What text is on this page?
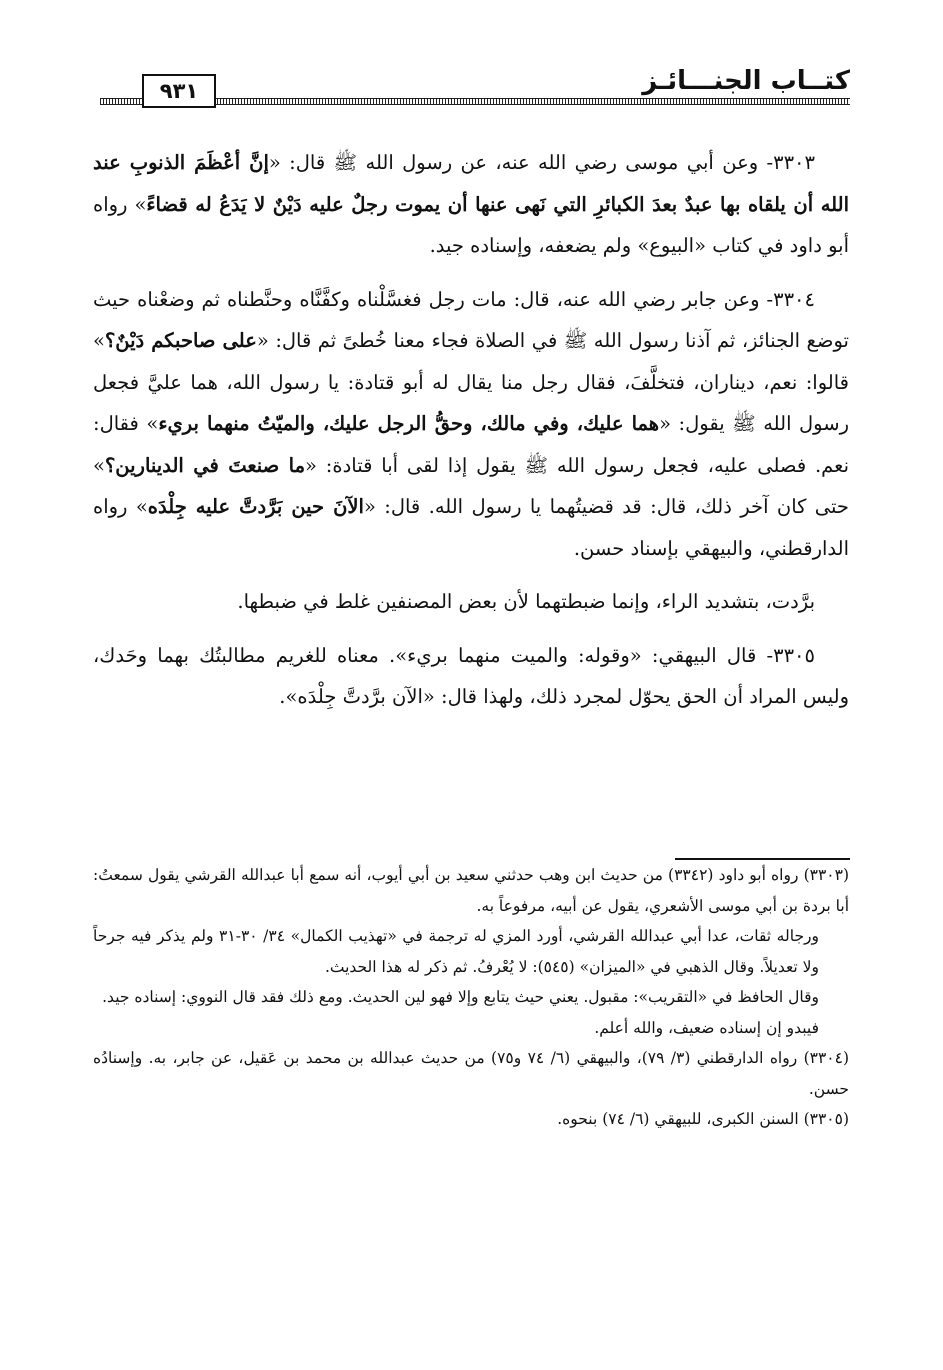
كتــاب الجنـــائـز
٩٣١

٣٣٠٣- وعن أبي موسى رضي الله عنه، عن رسول الله ﷺ قال: «إنَّ أعْظَمَ الذنوبِ عند الله أن يلقاه بها عبدٌ بعدَ الكبائرِ التي نَهى عنها أن يموت رجلٌ عليه دَيْنٌ لا يَدَعُ له قضاءً» رواه أبو داود في كتاب «البيوع» ولم يضعفه، وإسناده جيد.

٣٣٠٤- وعن جابر رضي الله عنه، قال: مات رجل فغسَّلْناه وكفَّنَّاه وحنَّطناه ثم وضعْناه حيث توضع الجنائز، ثم آذنا رسول الله ﷺ في الصلاة فجاء معنا خُطىً ثم قال: «على صاحبكم دَيْنٌ؟» قالوا: نعم، ديناران، فتخلَّفَ، فقال رجل منا يقال له أبو قتادة: يا رسول الله، هما عليَّ فجعل رسول الله ﷺ يقول: «هما عليك، وفي مالك، وحقُّ الرجل عليك، والميّتُ منهما بريء» فقال: نعم. فصلى عليه، فجعل رسول الله ﷺ يقول إذا لقى أبا قتادة: «ما صنعتَ في الدينارين؟» حتى كان آخر ذلك، قال: قد قضيتُهما يا رسول الله. قال: «الآنَ حين بَرَّدتَّ عليه جِلْدَه» رواه الدارقطني، والبيهقي بإسناد حسن.

برَّدت، بتشديد الراء، وإنما ضبطتهما لأن بعض المصنفين غلط في ضبطها.

٣٣٠٥- قال البيهقي: «وقوله: والميت منهما بريء». معناه للغريم مطالبتُك بهما وحَدك، وليس المراد أن الحق يحوّل لمجرد ذلك، ولهذا قال: «الآن برَّدتَّ جِلْدَه».

(٣٣٠٣) رواه أبو داود (٣٣٤٢) من حديث ابن وهب حدثني سعيد بن أبي أيوب، أنه سمع أبا عبدالله القرشي يقول سمعتُ: أبا بردة بن أبي موسى الأشعري، يقول عن أبيه، مرفوعاً به.

ورجاله ثقات، عدا أبي عبدالله القرشي، أورد المزي له ترجمة في «تهذيب الكمال» ٣٤/ ٣٠-٣١ ولم يذكر فيه جرحاً ولا تعديلاً. وقال الذهبي في «الميزان» (٥٤٥): لا يُعْرفُ. ثم ذكر له هذا الحديث.

وقال الحافظ في «التقريب»: مقبول. يعني حيث يتابع وإلا فهو لين الحديث. ومع ذلك فقد قال النووي: إسناده جيد.

فيبدو إن إسناده ضعيف، والله أعلم.

(٣٣٠٤) رواه الدارقطني (٣/ ٧٩)، والبيهقي (٦/ ٧٤ و٧٥) من حديث عبدالله بن محمد بن عَقيل، عن جابر، به. وإسنادُه حسن.

(٣٣٠٥) السنن الكبرى، للبيهقي (٦/ ٧٤) بنحوه.
